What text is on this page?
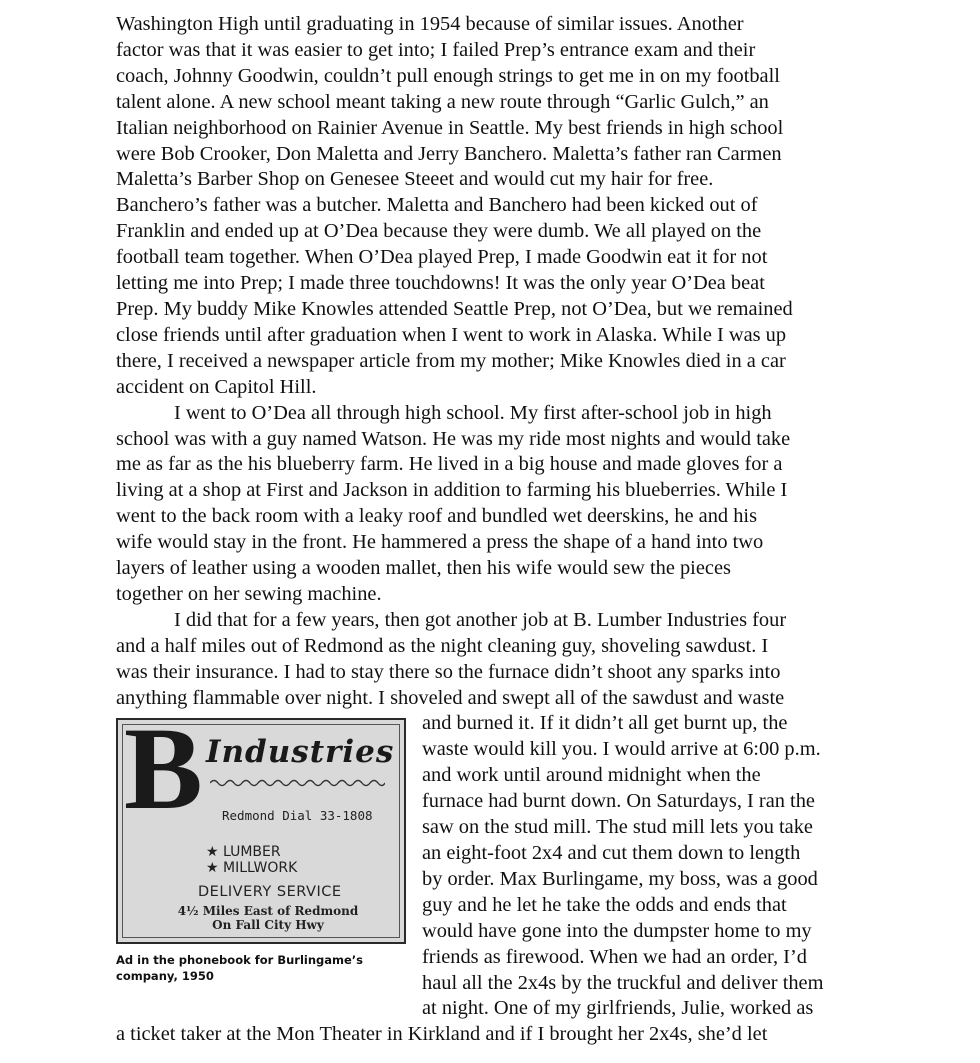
Washington High until graduating in 1954 because of similar issues. Another
factor was that it was easier to get into; I failed Prep’s entrance exam and their
coach, Johnny Goodwin, couldn’t pull enough strings to get me in on my football
talent alone. A new school meant taking a new route through “Garlic Gulch,” an
Italian neighborhood on Rainier Avenue in Seattle. My best friends in high school
were Bob Crooker, Don Maletta and Jerry Banchero. Maletta’s father ran Carmen
Maletta’s Barber Shop on Genesee Steeet and would cut my hair for free.
Banchero’s father was a butcher. Maletta and Banchero had been kicked out of
Franklin and ended up at O’Dea because they were dumb. We all played on the
football team together. When O’Dea played Prep, I made Goodwin eat it for not
letting me into Prep; I made three touchdowns! It was the only year O’Dea beat
Prep. My buddy Mike Knowles attended Seattle Prep, not O’Dea, but we remained
close friends until after graduation when I went to work in Alaska. While I was up
there, I received a newspaper article from my mother; Mike Knowles died in a car
accident on Capitol Hill.
I went to O’Dea all through high school. My first after-school job in high
school was with a guy named Watson. He was my ride most nights and would take
me as far as the his blueberry farm. He lived in a big house and made gloves for a
living at a shop at First and Jackson in addition to farming his blueberries. While I
went to the back room with a leaky roof and bundled wet deerskins, he and his
wife would stay in the front. He hammered a press the shape of a hand into two
layers of leather using a wooden mallet, then his wife would sew the pieces
together on her sewing machine.
I did that for a few years, then got another job at B. Lumber Industries four
and a half miles out of Redmond as the night cleaning guy, shoveling sawdust. I
was their insurance. I had to stay there so the furnace didn’t shoot any sparks into
anything flammable over night. I shoveled and swept all of the sawdust and waste
and burned it. If it didn’t all get burnt up, the
waste would kill you. I would arrive at 6:00 p.m.
and work until around midnight when the
furnace had burnt down. On Saturdays, I ran the
saw on the stud mill. The stud mill lets you take
an eight-foot 2x4 and cut them down to length
by order. Max Burlingame, my boss, was a good
guy and he let he take the odds and ends that
would have gone into the dumpster home to my
friends as firewood. When we had an order, I’d
haul all the 2x4s by the truckful and deliver them
at night. One of my girlfriends, Julie, worked as
a ticket taker at the Mon Theater in Kirkland and if I brought her 2x4s, she’d let
B Industries
Redmond Dial 33-1808
★ LUMBER
★ MILLWORK
DELIVERY SERVICE
4½ Miles East of Redmond
On Fall City Hwy
Ad in the phonebook for Burlingame’s
company, 1950
